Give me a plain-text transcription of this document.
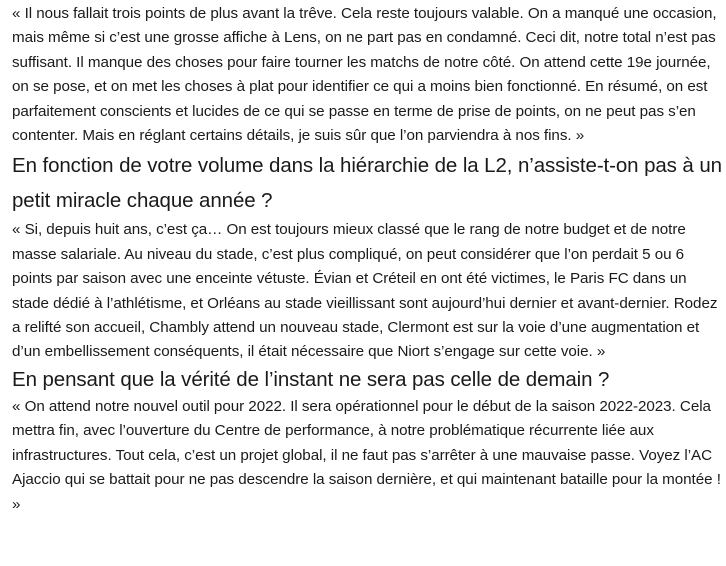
« Il nous fallait trois points de plus avant la trêve. Cela reste toujours valable. On a manqué une occasion, mais même si c’est une grosse affiche à Lens, on ne part pas en condamné. Ceci dit, notre total n’est pas suffisant. Il manque des choses pour faire tourner les matchs de notre côté. On attend cette 19e journée, on se pose, et on met les choses à plat pour identifier ce qui a moins bien fonctionné. En résumé, on est parfaitement conscients et lucides de ce qui se passe en terme de prise de points, on ne peut pas s’en contenter. Mais en réglant certains détails, je suis sûr que l’on parviendra à nos fins. »

En fonction de votre volume dans la hiérarchie de la L2, n’assiste-t-on pas à un petit miracle chaque année ?

« Si, depuis huit ans, c’est ça… On est toujours mieux classé que le rang de notre budget et de notre masse salariale. Au niveau du stade, c’est plus compliqué, on peut considérer que l’on perdait 5 ou 6 points par saison avec une enceinte vétuste. Évian et Créteil en ont été victimes, le Paris FC dans un stade dédié à l’athlétisme, et Orléans au stade vieillissant sont aujourd’hui dernier et avant-dernier. Rodez a relifté son accueil, Chambly attend un nouveau stade, Clermont est sur la voie d’une augmentation et d’un embellissement conséquents, il était nécessaire que Niort s’engage sur cette voie. »

En pensant que la vérité de l’instant ne sera pas celle de demain ?

« On attend notre nouvel outil pour 2022. Il sera opérationnel pour le début de la saison 2022-2023. Cela mettra fin, avec l’ouverture du Centre de performance, à notre problématique récurrente liée aux infrastructures. Tout cela, c’est un projet global, il ne faut pas s’arrêter à une mauvaise passe. Voyez l’AC Ajaccio qui se battait pour ne pas descendre la saison dernière, et qui maintenant bataille pour la montée ! »
